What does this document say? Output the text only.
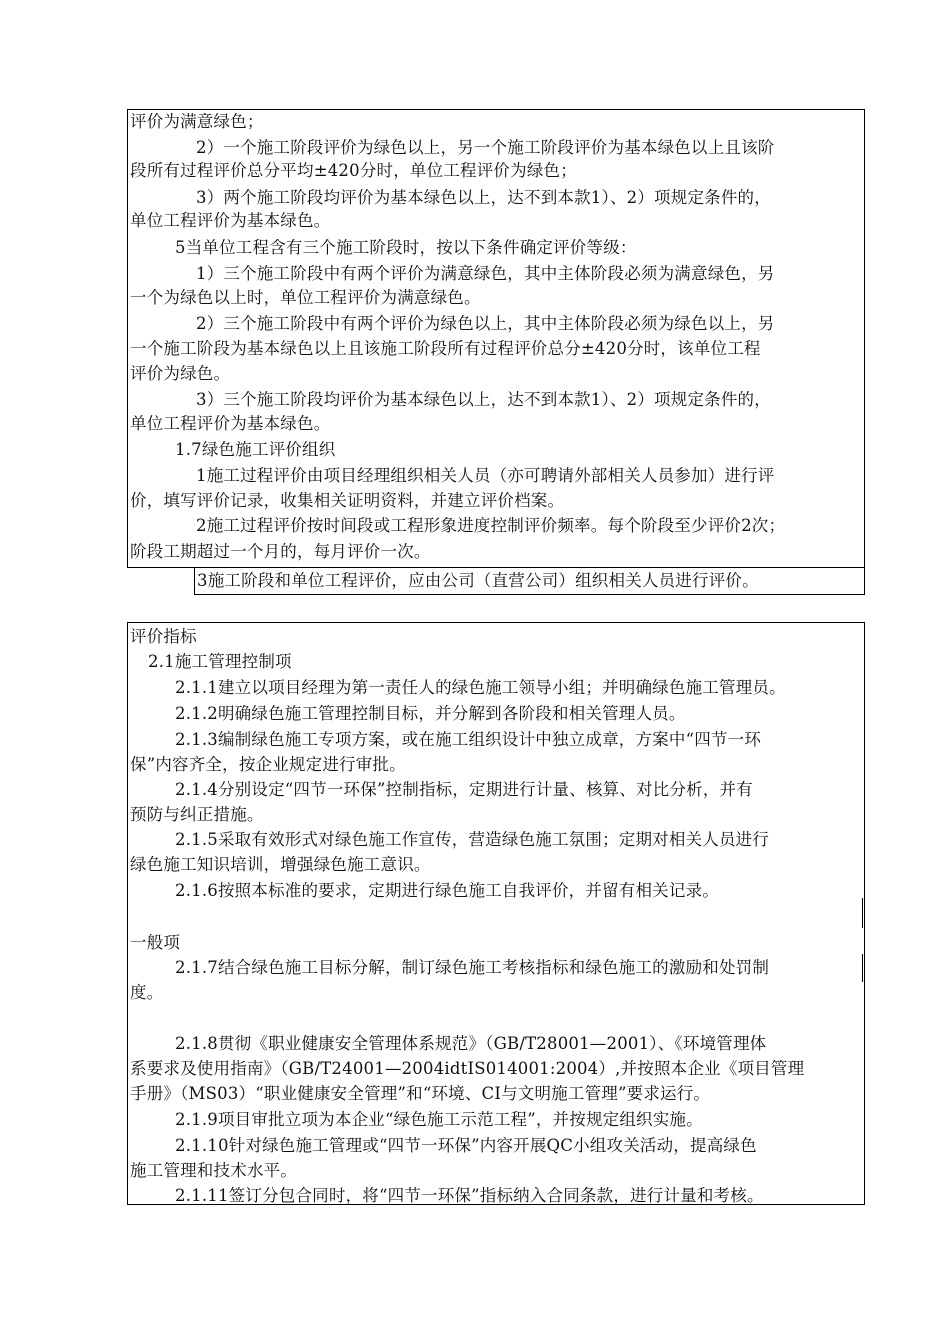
评价为满意绿色；
2）一个施工阶段评价为绿色以上，另一个施工阶段评价为基本绿色以上且该阶
段所有过程评价总分平均±420分时，单位工程评价为绿色；
3）两个施工阶段均评价为基本绿色以上，达不到本款1）、2）项规定条件的，
单位工程评价为基本绿色。
5当单位工程含有三个施工阶段时，按以下条件确定评价等级：
1）三个施工阶段中有两个评价为满意绿色，其中主体阶段必须为满意绿色，另
一个为绿色以上时，单位工程评价为满意绿色。
2）三个施工阶段中有两个评价为绿色以上，其中主体阶段必须为绿色以上，另
一个施工阶段为基本绿色以上且该施工阶段所有过程评价总分±420分时，该单位工程
评价为绿色。
3）三个施工阶段均评价为基本绿色以上，达不到本款1）、2）项规定条件的，
单位工程评价为基本绿色。
1.7绿色施工评价组织
1施工过程评价由项目经理组织相关人员（亦可聘请外部相关人员参加）进行评
价，填写评价记录，收集相关证明资料，并建立评价档案。
2施工过程评价按时间段或工程形象进度控制评价频率。每个阶段至少评价2次；
阶段工期超过一个月的，每月评价一次。
3施工阶段和单位工程评价，应由公司（直营公司）组织相关人员进行评价。
评价指标
2.1施工管理控制项
2.1.1建立以项目经理为第一责任人的绿色施工领导小组；并明确绿色施工管理员。
2.1.2明确绿色施工管理控制目标，并分解到各阶段和相关管理人员。
2.1.3编制绿色施工专项方案，或在施工组织设计中独立成章，方案中“四节一环
保”内容齐全，按企业规定进行审批。
2.1.4分别设定“四节一环保”控制指标，定期进行计量、核算、对比分析，并有
预防与纠正措施。
2.1.5采取有效形式对绿色施工作宣传，营造绿色施工氛围；定期对相关人员进行
绿色施工知识培训，增强绿色施工意识。
2.1.6按照本标准的要求，定期进行绿色施工自我评价，并留有相关记录。
一般项
2.1.7结合绿色施工目标分解，制订绿色施工考核指标和绿色施工的激励和处罚制
度。
2.1.8贯彻《职业健康安全管理体系规范》（GB/T28001—2001）、《环境管理体
系要求及使用指南》（GB/T24001—2004idtIS014001:2004）,并按照本企业《项目管理
手册》（MS03）“职业健康安全管理”和“环境、CI与文明施工管理”要求运行。
2.1.9项目审批立项为本企业“绿色施工示范工程”，并按规定组织实施。
2.1.10针对绿色施工管理或“四节一环保”内容开展QC小组攻关活动，提高绿色
施工管理和技术水平。
2.1.11签订分包合同时，将“四节一环保”指标纳入合同条款，进行计量和考核。
